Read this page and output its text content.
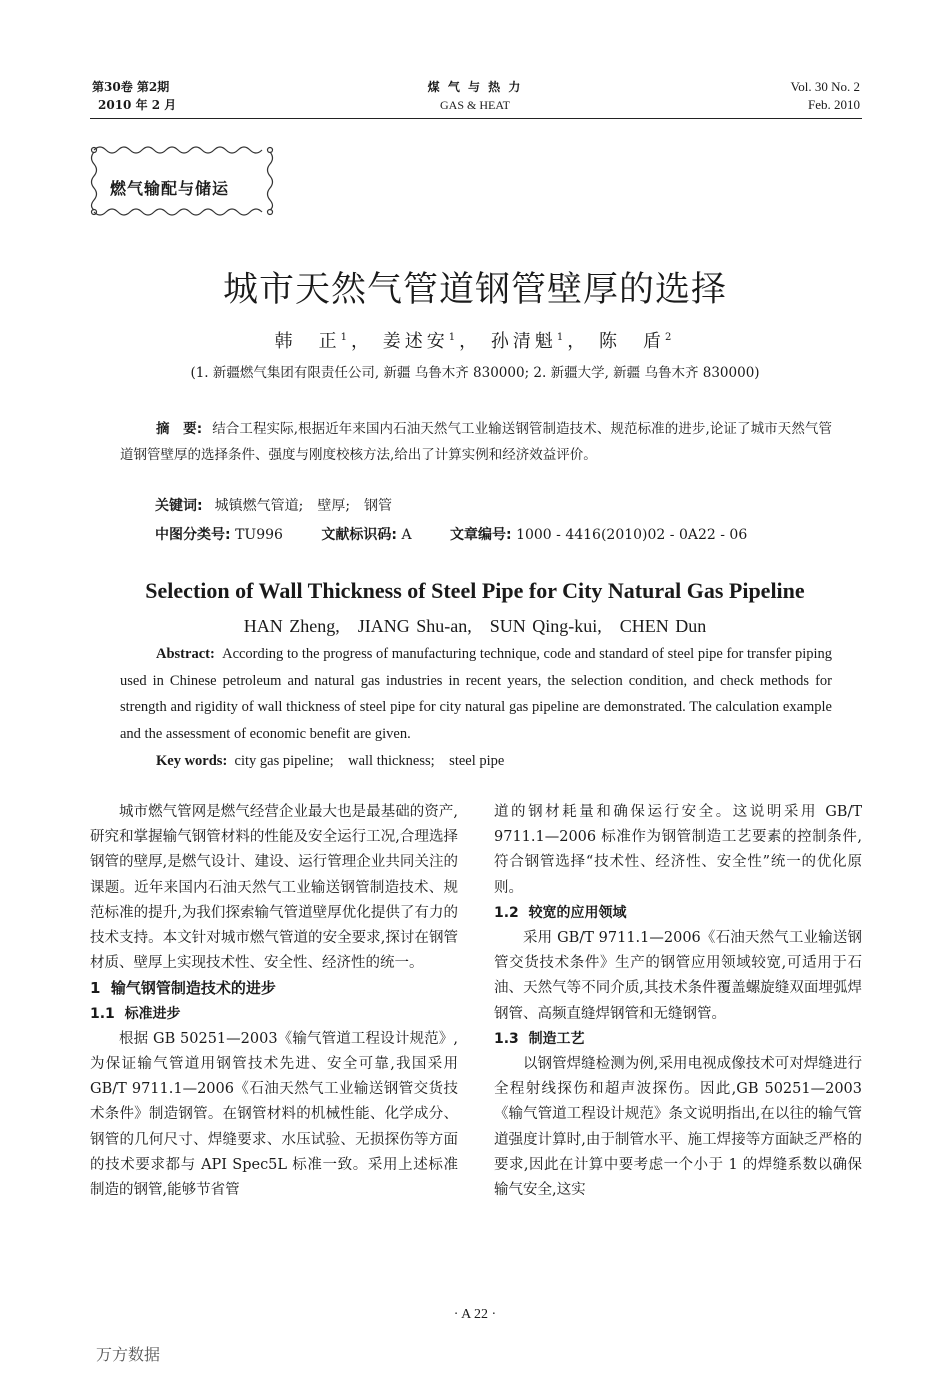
第30卷 第2期
2010 年 2 月
煤 气 与 热 力
GAS & HEAT
Vol. 30 No. 2
Feb. 2010
燃气输配与储运
城市天然气管道钢管壁厚的选择
韩　正$^1$， 姜述安$^1$， 孙清魁$^1$， 陈　盾$^2$
(1. 新疆燃气集团有限责任公司, 新疆 乌鲁木齐 830000; 2. 新疆大学, 新疆 乌鲁木齐 830000)
摘　要: 结合工程实际,根据近年来国内石油天然气工业输送钢管制造技术、规范标准的进步,论证了城市天然气管道钢管壁厚的选择条件、强度与刚度校核方法,给出了计算实例和经济效益评价。
关键词: 城镇燃气管道;　壁厚;　钢管
中图分类号: TU996	文献标识码: A	文章编号: 1000 - 4416(2010)02 - 0A22 - 06
Selection of Wall Thickness of Steel Pipe for City Natural Gas Pipeline
HAN Zheng,　JIANG Shu-an,　SUN Qing-kui,　CHEN Dun
Abstract: According to the progress of manufacturing technique, code and standard of steel pipe for transfer piping used in Chinese petroleum and natural gas industries in recent years, the selection condition, and check methods for strength and rigidity of wall thickness of steel pipe for city natural gas pipeline are demonstrated. The calculation example and the assessment of economic benefit are given.
Key words: city gas pipeline;　wall thickness;　steel pipe

城市燃气管网是燃气经营企业最大也是最基础的资产,研究和掌握输气钢管材料的性能及安全运行工况,合理选择钢管的壁厚,是燃气设计、建设、运行管理企业共同关注的课题。近年来国内石油天然气工业输送钢管制造技术、规范标准的提升,为我们探索输气管道壁厚优化提供了有力的技术支持。本文针对城市燃气管道的安全要求,探讨在钢管材质、壁厚上实现技术性、安全性、经济性的统一。

1 输气钢管制造技术的进步

1.1 标准进步

根据 GB 50251—2003《输气管道工程设计规范》,为保证输气管道用钢管技术先进、安全可靠,我国采用 GB/T 9711.1—2006《石油天然气工业输送钢管交货技术条件》制造钢管。在钢管材料的机械性能、化学成分、钢管的几何尺寸、焊缝要求、水压试验、无损探伤等方面的技术要求都与 API Spec5L 标准一致。采用上述标准制造的钢管,能够节省管

道的钢材耗量和确保运行安全。这说明采用 GB/T 9711.1—2006 标准作为钢管制造工艺要素的控制条件,符合钢管选择“技术性、经济性、安全性”统一的优化原则。

1.2 较宽的应用领域

采用 GB/T 9711.1—2006《石油天然气工业输送钢管交货技术条件》生产的钢管应用领域较宽,可适用于石油、天然气等不同介质,其技术条件覆盖螺旋缝双面埋弧焊钢管、高频直缝焊钢管和无缝钢管。

1.3 制造工艺

以钢管焊缝检测为例,采用电视成像技术可对焊缝进行全程射线探伤和超声波探伤。因此,GB 50251—2003《输气管道工程设计规范》条文说明指出,在以往的输气管道强度计算时,由于制管水平、施工焊接等方面缺乏严格的要求,因此在计算中要考虑一个小于 1 的焊缝系数以确保输气安全,这实

· A 22 ·
万方数据
